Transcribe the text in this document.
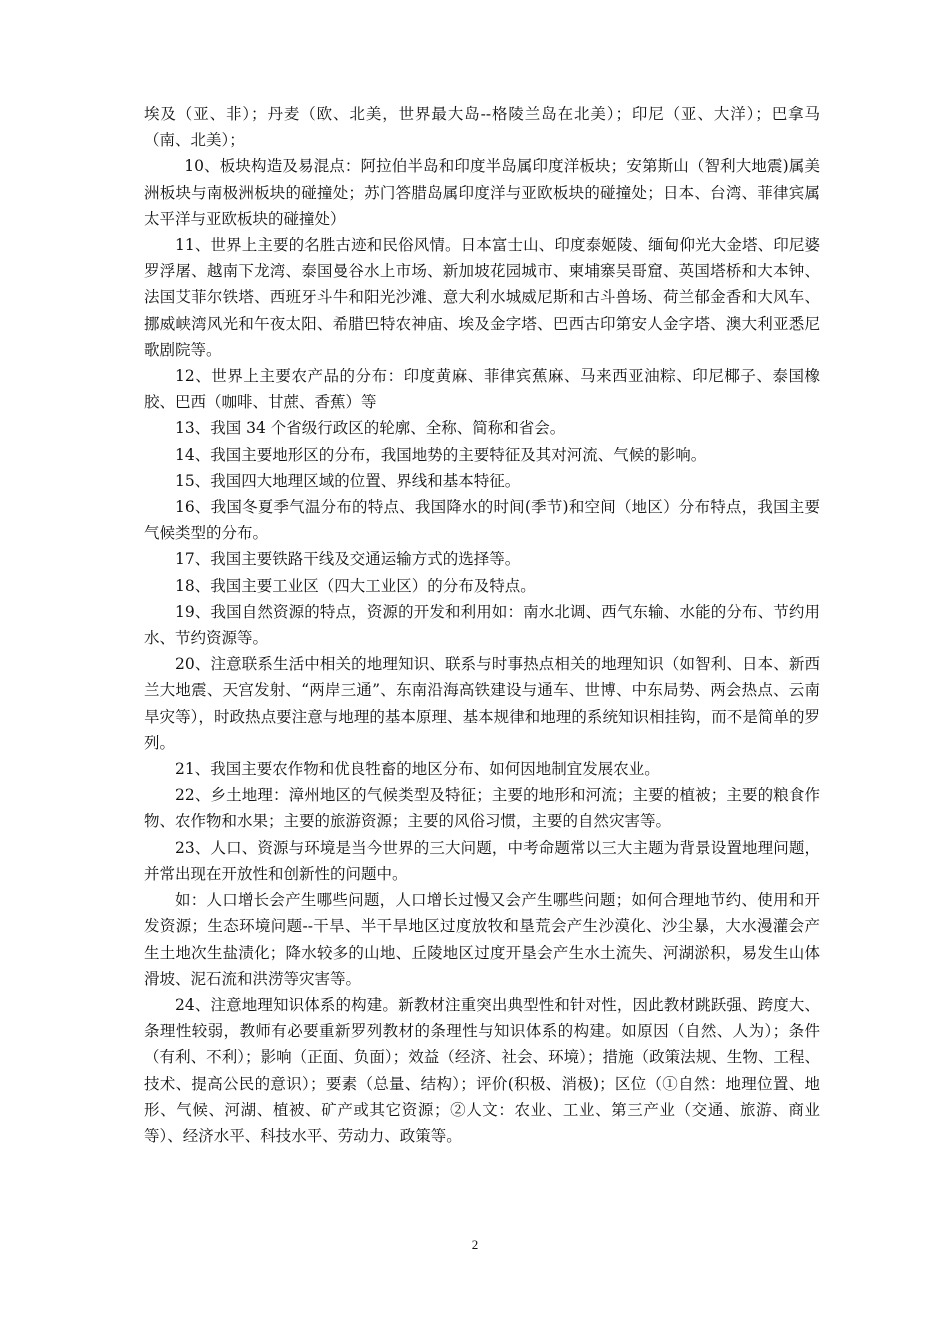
埃及（亚、非）；丹麦（欧、北美，世界最大岛--格陵兰岛在北美）；印尼（亚、大洋）；巴拿马（南、北美）；

10、板块构造及易混点：阿拉伯半岛和印度半岛属印度洋板块；安第斯山（智利大地震)属美洲板块与南极洲板块的碰撞处；苏门答腊岛属印度洋与亚欧板块的碰撞处；日本、台湾、菲律宾属太平洋与亚欧板块的碰撞处）

11、世界上主要的名胜古迹和民俗风情。日本富士山、印度泰姬陵、缅甸仰光大金塔、印尼婆罗浮屠、越南下龙湾、泰国曼谷水上市场、新加坡花园城市、柬埔寨吴哥窟、英国塔桥和大本钟、法国艾菲尔铁塔、西班牙斗牛和阳光沙滩、意大利水城威尼斯和古斗兽场、荷兰郁金香和大风车、挪威峡湾风光和午夜太阳、希腊巴特农神庙、埃及金字塔、巴西古印第安人金字塔、澳大利亚悉尼歌剧院等。

12、世界上主要农产品的分布：印度黄麻、菲律宾蕉麻、马来西亚油粽、印尼椰子、泰国橡胶、巴西（咖啡、甘蔗、香蕉）等

13、我国 34 个省级行政区的轮廓、全称、简称和省会。

14、我国主要地形区的分布，我国地势的主要特征及其对河流、气候的影响。

15、我国四大地理区域的位置、界线和基本特征。

16、我国冬夏季气温分布的特点、我国降水的时间(季节)和空间（地区）分布特点，我国主要气候类型的分布。

17、我国主要铁路干线及交通运输方式的选择等。

18、我国主要工业区（四大工业区）的分布及特点。

19、我国自然资源的特点，资源的开发和利用如：南水北调、西气东输、水能的分布、节约用水、节约资源等。

20、注意联系生活中相关的地理知识、联系与时事热点相关的地理知识（如智利、日本、新西兰大地震、天宫发射、“两岸三通”、东南沿海高铁建设与通车、世博、中东局势、两会热点、云南旱灾等），时政热点要注意与地理的基本原理、基本规律和地理的系统知识相挂钩，而不是简单的罗列。

21、我国主要农作物和优良牲畜的地区分布、如何因地制宜发展农业。

22、乡土地理：漳州地区的气候类型及特征；主要的地形和河流；主要的植被；主要的粮食作物、农作物和水果；主要的旅游资源；主要的风俗习惯，主要的自然灾害等。

23、人口、资源与环境是当今世界的三大问题，中考命题常以三大主题为背景设置地理问题，并常出现在开放性和创新性的问题中。

如：人口增长会产生哪些问题，人口增长过慢又会产生哪些问题；如何合理地节约、使用和开发资源；生态环境问题--干旱、半干旱地区过度放牧和垦荒会产生沙漠化、沙尘暴，大水漫灌会产生土地次生盐渍化；降水较多的山地、丘陵地区过度开垦会产生水土流失、河湖淤积，易发生山体滑坡、泥石流和洪涝等灾害等。

24、注意地理知识体系的构建。新教材注重突出典型性和针对性，因此教材跳跃强、跨度大、条理性较弱，教师有必要重新罗列教材的条理性与知识体系的构建。如原因（自然、人为）；条件（有利、不利）；影响（正面、负面）；效益（经济、社会、环境）；措施（政策法规、生物、工程、技术、提高公民的意识）；要素（总量、结构）；评价(积极、消极)；区位（①自然：地理位置、地形、气候、河湖、植被、矿产或其它资源；②人文：农业、工业、第三产业（交通、旅游、商业等）、经济水平、科技水平、劳动力、政策等。

2
